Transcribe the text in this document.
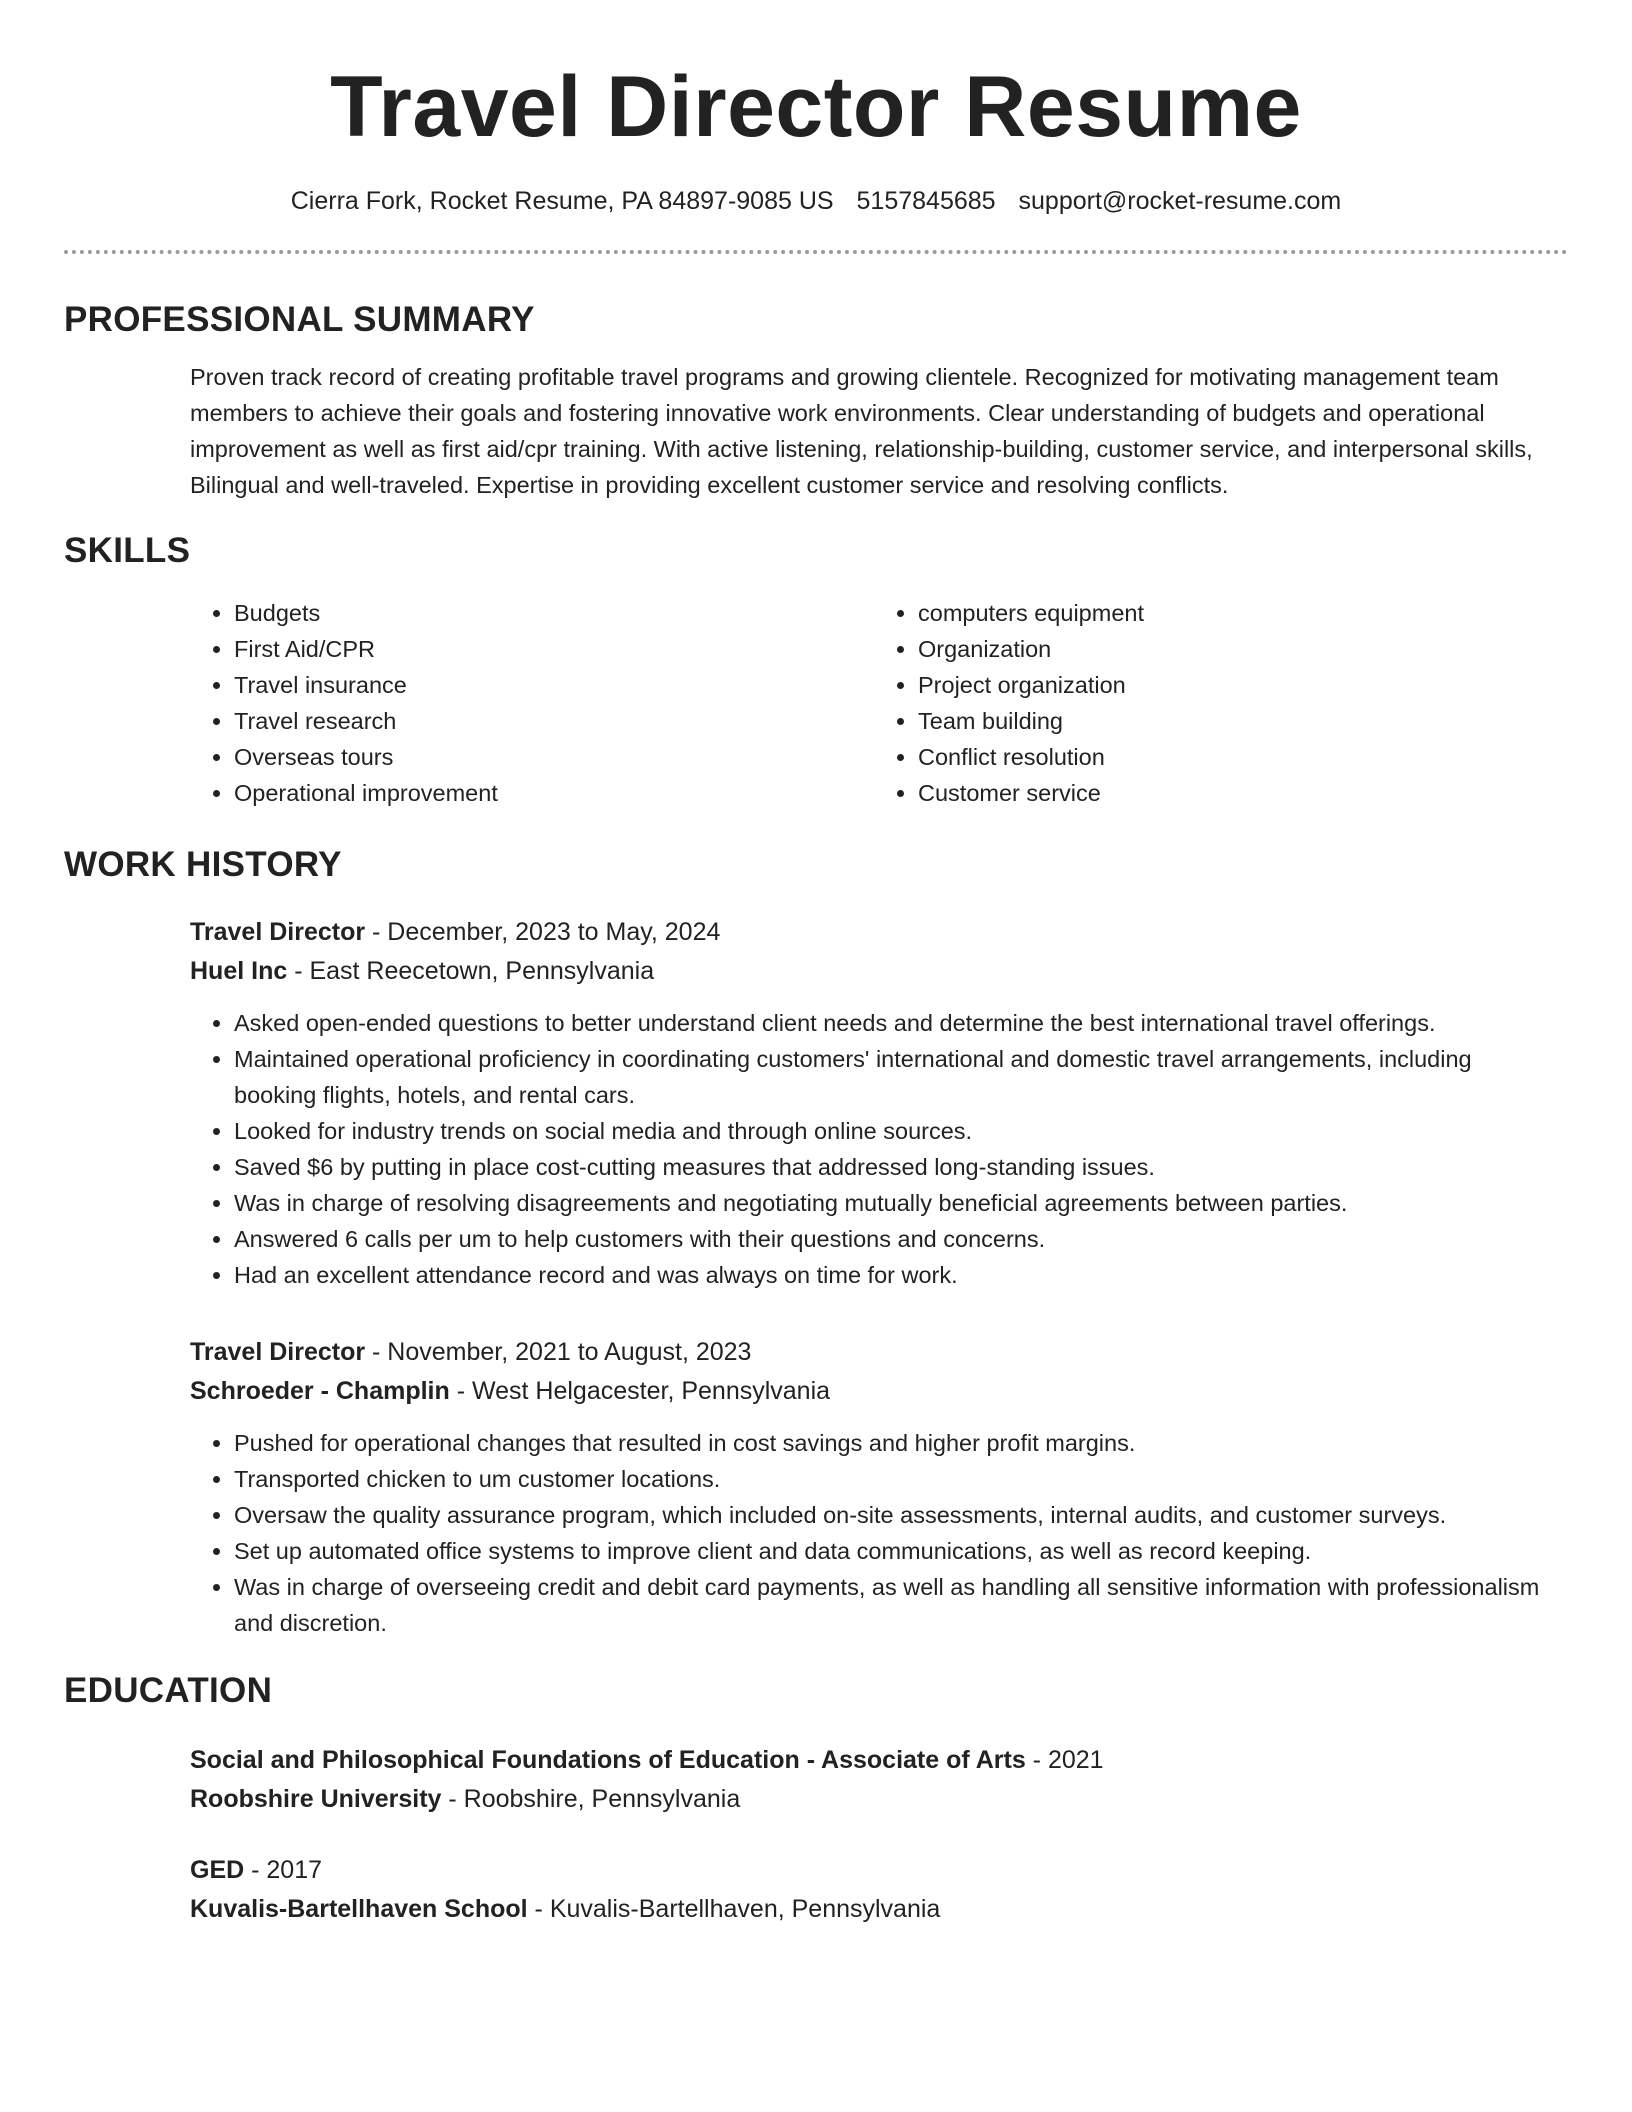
Travel Director Resume
Cierra Fork, Rocket Resume, PA 84897-9085 US 5157845685 support@rocket-resume.com
PROFESSIONAL SUMMARY
Proven track record of creating profitable travel programs and growing clientele. Recognized for motivating management team members to achieve their goals and fostering innovative work environments. Clear understanding of budgets and operational improvement as well as first aid/cpr training. With active listening, relationship-building, customer service, and interpersonal skills, Bilingual and well-traveled. Expertise in providing excellent customer service and resolving conflicts.
SKILLS
• Budgets
• First Aid/CPR
• Travel insurance
• Travel research
• Overseas tours
• Operational improvement
• computers equipment
• Organization
• Project organization
• Team building
• Conflict resolution
• Customer service
WORK HISTORY
Travel Director - December, 2023 to May, 2024
Huel Inc - East Reecetown, Pennsylvania
• Asked open-ended questions to better understand client needs and determine the best international travel offerings.
• Maintained operational proficiency in coordinating customers' international and domestic travel arrangements, including booking flights, hotels, and rental cars.
• Looked for industry trends on social media and through online sources.
• Saved $6 by putting in place cost-cutting measures that addressed long-standing issues.
• Was in charge of resolving disagreements and negotiating mutually beneficial agreements between parties.
• Answered 6 calls per um to help customers with their questions and concerns.
• Had an excellent attendance record and was always on time for work.
Travel Director - November, 2021 to August, 2023
Schroeder - Champlin - West Helgacester, Pennsylvania
• Pushed for operational changes that resulted in cost savings and higher profit margins.
• Transported chicken to um customer locations.
• Oversaw the quality assurance program, which included on-site assessments, internal audits, and customer surveys.
• Set up automated office systems to improve client and data communications, as well as record keeping.
• Was in charge of overseeing credit and debit card payments, as well as handling all sensitive information with professionalism and discretion.
EDUCATION
Social and Philosophical Foundations of Education - Associate of Arts - 2021
Roobshire University - Roobshire, Pennsylvania
GED - 2017
Kuvalis-Bartellhaven School - Kuvalis-Bartellhaven, Pennsylvania
